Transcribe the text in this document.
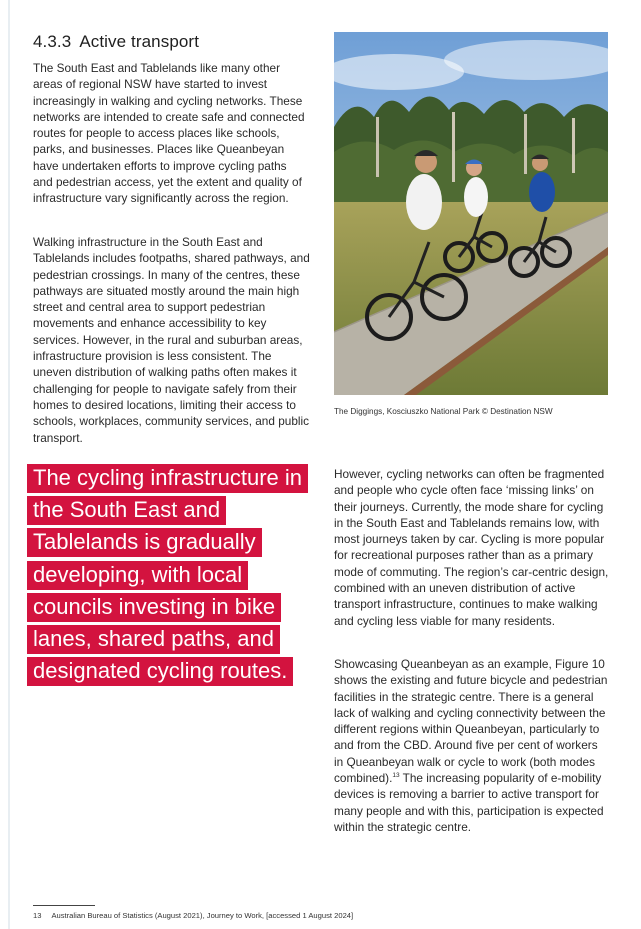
4.3.3 Active transport

The South East and Tablelands like many other areas of regional NSW have started to invest increasingly in walking and cycling networks. These networks are intended to create safe and connected routes for people to access places like schools, parks, and businesses. Places like Queanbeyan have undertaken efforts to improve cycling paths and pedestrian access, yet the extent and quality of infrastructure vary significantly across the region.

Walking infrastructure in the South East and Tablelands includes footpaths, shared pathways, and pedestrian crossings. In many of the centres, these pathways are situated mostly around the main high street and central area to support pedestrian movements and enhance accessibility to key services. However, in the rural and suburban areas, infrastructure provision is less consistent. The uneven distribution of walking paths often makes it challenging for people to navigate safely from their homes to desired locations, limiting their access to schools, workplaces, community services, and public transport.

The Diggings, Kosciuszko National Park © Destination NSW

The cycling infrastructure in the South East and Tablelands is gradually developing, with local councils investing in bike lanes, shared paths, and designated cycling routes.

However, cycling networks can often be fragmented and people who cycle often face ‘missing links’ on their journeys. Currently, the mode share for cycling in the South East and Tablelands remains low, with most journeys taken by car. Cycling is more popular for recreational purposes rather than as a primary mode of commuting. The region’s car-centric design, combined with an uneven distribution of active transport infrastructure, continues to make walking and cycling less viable for many residents.

Showcasing Queanbeyan as an example, Figure 10 shows the existing and future bicycle and pedestrian facilities in the strategic centre. There is a general lack of walking and cycling connectivity between the different regions within Queanbeyan, particularly to and from the CBD. Around five per cent of workers in Queanbeyan walk or cycle to work (both modes combined).$^{13}$ The increasing popularity of e-mobility devices is removing a barrier to active transport for many people and with this, participation is expected within the strategic centre.

13 Australian Bureau of Statistics (August 2021), Journey to Work, [accessed 1 August 2024]
